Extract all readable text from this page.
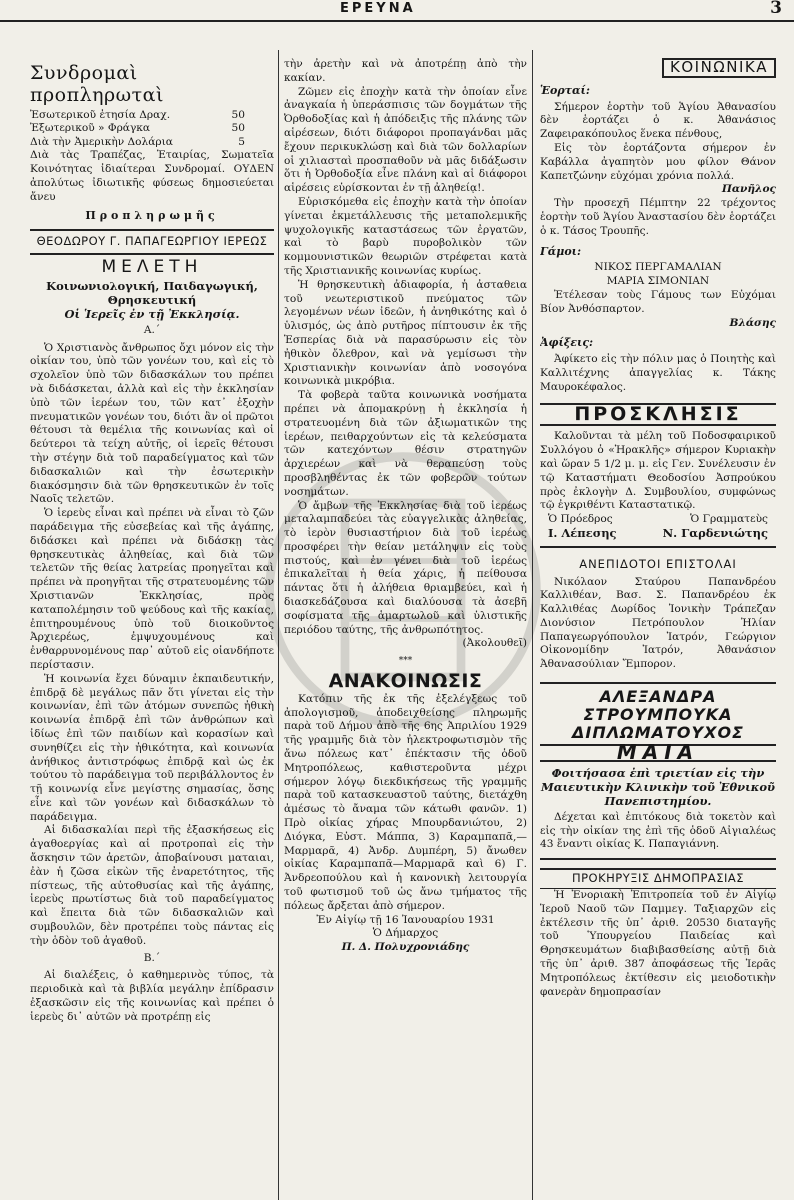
ΕΡΕΥΝΑ	3
Συνδρομαὶ προπληρωταὶ
Ἐσωτερικοῦ ἐτησία Δραχ.	50
Ἐξωτερικοῦ » Φράγκα	50
Διὰ τὴν Ἀμερικὴν Δολάρια	5

Διὰ τὰς Τραπέζας, Ἑταιρίας, Σωματεῖα Κοινότητας ἰδιαίτεραι Συνδρομαί. ΟΥΔΕΝ ἀπολύτως ἰδιωτικῆς φύσεως δημοσιεύεται ἄνευ

Προπληρωμῆς
ΘΕΟΔΩΡΟΥ Γ. ΠΑΠΑΓΕΩΡΓΙΟΥ ΙΕΡΕΩΣ
ΜΕΛΕΤΗ
Κοινωνιολογική, Παιδαγωγική, Θρησκευτική
Οἱ Ἱερεῖς ἐν τῇ Ἐκκλησίᾳ.
Α.΄

Ὁ Χριστιανὸς ἄνθρωπος ὄχι μόνον εἰς τὴν οἰκίαν του, ὑπὸ τῶν γονέων του, καὶ εἰς τὸ σχολεῖον ὑπὸ τῶν διδασκάλων του πρέπει νὰ διδάσκεται, ἀλλὰ καὶ εἰς τὴν ἐκκλησίαν ὑπὸ τῶν ἱερέων του, τῶν κατ᾽ ἐξοχὴν πνευματικῶν γονέων του, διότι ἂν οἱ πρῶτοι θέτουσι τὰ θεμέλια τῆς κοινωνίας καὶ οἱ δεύτεροι τὰ τείχη αὐτῆς, οἱ ἱερεῖς θέτουσι τὴν στέγην διὰ τοῦ παραδείγματος καὶ τῶν διδασκαλιῶν καὶ τὴν ἐσωτερικὴν διακόσμησιν διὰ τῶν θρησκευτικῶν ἐν τοῖς Ναοῖς τελετῶν.

Ὁ ἱερεὺς εἶναι καὶ πρέπει νὰ εἶναι τὸ ζῶν παράδειγμα τῆς εὐσεβείας καὶ τῆς ἀγάπης, διδάσκει καὶ πρέπει νὰ διδάσκῃ τὰς θρησκευτικὰς ἀληθείας, καὶ διὰ τῶν τελετῶν τῆς θείας λατρείας προηγεῖται καὶ πρέπει νὰ προηγῆται τῆς στρατευομένης τῶν Χριστιανῶν Ἐκκλησίας, πρὸς καταπολέμησιν τοῦ ψεύδους καὶ τῆς κακίας, ἐπιτηρουμένους ὑπὸ τοῦ διοικοῦντος Ἀρχιερέως, ἐμψυχουμένους καὶ ἐνθαρρυνομένους παρ᾽ αὐτοῦ εἰς οἱανδήποτε περίστασιν.

Ἡ κοινωνία ἔχει δύναμιν ἐκπαιδευτικήν, ἐπιδρᾷ δὲ μεγάλως πᾶν ὅτι γίνεται εἰς τὴν κοινωνίαν, ἐπὶ τῶν ἀτόμων συνεπῶς ἠθικὴ κοινωνία ἐπιδρᾷ ἐπὶ τῶν ἀνθρώπων καὶ ἰδίως ἐπὶ τῶν παιδίων καὶ κορασίων καὶ συνηθίζει εἰς τὴν ἠθικότητα, καὶ κοινωνία ἀνήθικος ἀντιστρόφως ἐπιδρᾷ καὶ ὡς ἐκ τούτου τὸ παράδειγμα τοῦ περιβάλλοντος ἐν τῇ κοινωνίᾳ εἶνε μεγίστης σημασίας, ὅσης εἶνε καὶ τῶν γονέων καὶ διδασκάλων τὸ παράδειγμα.

Αἱ διδασκαλίαι περὶ τῆς ἐξασκήσεως εἰς ἀγαθοεργίας καὶ αἱ προτροπαὶ εἰς τὴν ἄσκησιν τῶν ἀρετῶν, ἀποβαίνουσι ματαιαι, ἐὰν ἡ ζῶσα εἰκὼν τῆς ἐναρετότητος, τῆς πίστεως, τῆς αὐτοθυσίας καὶ τῆς ἀγάπης, ἱερεὺς πρωτίστως διὰ τοῦ παραδείγματος καὶ ἔπειτα διὰ τῶν διδασκαλιῶν καὶ συμβουλῶν, δὲν προτρέπει τοὺς πάντας εἰς τὴν ὁδὸν τοῦ ἀγαθοῦ.

Β.΄

Αἱ διαλέξεις, ὁ καθημερινὸς τύπος, τὰ περιοδικὰ καὶ τὰ βιβλία μεγάλην ἐπίδρασιν ἐξασκῶσιν εἰς τῆς κοινωνίας καὶ πρέπει ὁ ἱερεὺς δι᾽ αὐτῶν νὰ προτρέπῃ εἰς

τὴν ἀρετὴν καὶ νὰ ἀποτρέπῃ ἀπὸ τὴν κακίαν.

Ζῶμεν εἰς ἐποχὴν κατὰ τὴν ὁποίαν εἶνε ἀναγκαία ἡ ὑπεράσπισις τῶν δογμάτων τῆς Ὀρθοδοξίας καὶ ἡ ἀπόδειξις τῆς πλάνης τῶν αἱρέσεων, διότι διάφοροι προπαγάνδαι μᾶς ἔχουν περικυκλώσῃ καὶ διὰ τῶν δολλαρίων οἱ χιλιασταὶ προσπαθοῦν νὰ μᾶς διδάξωσιν ὅτι ἡ Ὀρθοδοξία εἶνε πλάνη καὶ αἱ διάφοροι αἱρέσεις εὑρίσκονται ἐν τῇ ἀληθείᾳ!.

Εὑρισκόμεθα εἰς ἐποχὴν κατὰ τὴν ὁποίαν γίνεται ἐκμετάλλευσις τῆς μεταπολεμικῆς ψυχολογικῆς καταστάσεως τῶν ἐργατῶν, καὶ τὸ βαρὺ πυροβολικὸν τῶν κομμουνιστικῶν θεωριῶν στρέφεται κατὰ τῆς Χριστιανικῆς κοινωνίας κυρίως.

Ἡ θρησκευτικὴ ἀδιαφορία, ἡ ἀσταθεια τοῦ νεωτεριστικοῦ πνεύματος τῶν λεγομένων νέων ἰδεῶν, ἡ ἀνηθικότης καὶ ὁ ὑλισμός, ὡς ἀπὸ ρυτῆρος πίπτουσιν ἐκ τῆς Ἑσπερίας διὰ νὰ παρασύρωσιν εἰς τὸν ἠθικὸν ὄλεθρον, καὶ νὰ γεμίσωσι τὴν Χριστιανικὴν κοινωνίαν ἀπὸ νοσογόνα κοινωνικὰ μικρόβια.

Τὰ φοβερὰ ταῦτα κοινωνικὰ νοσήματα πρέπει νὰ ἀπομακρύνῃ ἡ ἐκκλησία ἡ στρατευομένη διὰ τῶν ἀξιωματικῶν της ἱερέων, πειθαρχούντων εἰς τὰ κελεύσματα τῶν κατεχόντων θέσιν στρατηγῶν ἀρχιερέων καὶ νὰ θεραπεύσῃ τοὺς προσβληθέντας ἐκ τῶν φοβερῶν τούτων νοσημάτων.

Ὁ ἄμβων τῆς Ἐκκλησίας διὰ τοῦ ἱερέως μεταλαμπαδεύει τὰς εὐαγγελικὰς ἀληθείας, τὸ ἱερὸν θυσιαστήριον διὰ τοῦ ἱερέως προσφέρει τὴν θείαν μετάληψιν εἰς τοὺς πιστούς, καὶ ἐν γένει διὰ τοῦ ἱερέως ἐπικαλεῖται ἡ θεία χάρις, ἡ πείθουσα πάντας ὅτι ἡ ἀλήθεια θριαμβεύει, καὶ ἡ διασκεδάζουσα καὶ διαλύουσα τὰ ἀσεβῆ σοφίσματα τῆς ἁμαρτωλοῦ καὶ ὑλιστικῆς περιόδου ταύτης, τῆς ἀνθρωπότητος.

(Ἀκολουθεῖ)

***
ΑΝΑΚΟΙΝΩΣΙΣ

Κατόπιν τῆς ἐκ τῆς ἐξελέγξεως τοῦ ἀπολογισμοῦ, ἀποδειχθείσης πληρωμῆς παρὰ τοῦ Δήμου ἀπὸ τῆς 6ης Ἀπριλίου 1929 τῆς γραμμῆς διὰ τὸν ἠλεκτροφωτισμὸν τῆς ἄνω πόλεως κατ᾽ ἐπέκτασιν τῆς ὁδοῦ Μητροπόλεως, καθιστεροῦντα μέχρι σήμερον λόγῳ διεκδικήσεως τῆς γραμμῆς παρὰ τοῦ κατασκευαστοῦ ταύτης, διετάχθη ἀμέσως τὸ ἄναμα τῶν κάτωθι φανῶν. 1) Πρὸ οἰκίας χήρας Μπουρδανιώτου, 2) Διόγκα, Εὐστ. Μάππα, 3) Καραμπαπᾶ,—Μαρμαρᾶ, 4) Ἀνδρ. Δυμπέρη, 5) ἄνωθεν οἰκίας Καραμπαπᾶ—Μαρμαρᾶ καὶ 6) Γ. Ἀνδρεοπούλου καὶ ἡ κανονικὴ λειτουργία τοῦ φωτισμοῦ τοῦ ὡς ἄνω τμήματος τῆς πόλεως ἄρξεται ἀπὸ σήμερον.

Ἐν Αἰγίῳ τῇ 16 Ἰανουαρίου 1931

Ὁ Δήμαρχος

Π. Δ. Πολυχρονιάδης

ΚΟΙΝΩΝΙΚΑ
Ἑορταί:

Σήμερον ἑορτὴν τοῦ Ἁγίου Ἀθανασίου δὲν ἑορτάζει ὁ κ. Ἀθανάσιος Ζαφειρακόπουλος ἕνεκα πένθους,

Εἰς τὸν ἑορτάζοντα σήμερον ἐν Καβάλλα ἀγαπητὸν μου φίλον Θάνον Καπετζώνην εὐχόμαι χρόνια πολλά.

Πανῆλος

Τὴν προσεχῆ Πέμπτην 22 τρέχοντος ἑορτὴν τοῦ Ἁγίου Ἀναστασίου δὲν ἑορτάζει ὁ κ. Τάσος Τρουπῆς.

Γάμοι:

ΝΙΚΟΣ ΠΕΡΓΑΜΑΛΙΑΝ

ΜΑΡΙΑ ΣΙΜΟΝΙΑΝ

Ἐτέλεσαν τοὺς Γάμους των Εὐχόμαι Βίον Ἀνθόσπαρτον.

Βλάσης

Ἀφίξεις:

Ἀφίκετο εἰς τὴν πόλιν μας ὁ Ποιητὴς καὶ Καλλιτέχνης ἀπαγγελίας κ. Τάκης Μαυροκέφαλος.

ΠΡΟΣΚΛΗΣΙΣ

Καλοῦνται τὰ μέλη τοῦ Ποδοσφαιρικοῦ Συλλόγου ὁ «Ἡρακλῆς» σήμερον Κυριακὴν καὶ ὥραν 5 1/2 μ. μ. εἰς Γεν. Συνέλευσιν ἐν τῷ Καταστήματι Θεοδοσίου Ἀσπρούκου πρὸς ἐκλογὴν Δ. Συμβουλίου, συμφώνως τῷ ἐγκριθέντι Καταστατικῷ.

Ὁ Πρόεδρος	Ὁ Γραμματεὺς
Ι. Λέπεσης	Ν. Γαρδενιώτης
ΑΝΕΠΙΔΟΤΟΙ ΕΠΙΣΤΟΛΑΙ

Νικόλαον Σταύρου Παπανδρέου Καλλιθέαν, Βασ. Σ. Παπανδρέου ἐκ Καλλιθέας Δωρίδος Ἰονικὴν Τράπεζαν Διονύσιον Πετρόπουλον Ἠλίαν Παπαγεωργόπουλον Ἰατρόν, Γεώργιον Οἰκονομίδην Ἰατρόν, Ἀθανάσιον Ἀθανασούλιαν Ἔμπορον.

ΑΛΕΞΑΝΔΡΑ ΣΤΡΟΥΜΠΟΥΚΑ
ΔΙΠΛΩΜΑΤΟΥΧΟΣ
ΜΑΙΑ
Φοιτήσασα ἐπὶ τριετίαν εἰς τὴν Μαιευτικὴν Κλινικὴν τοῦ Ἐθνικοῦ Πανεπιστημίου.

Δέχεται καὶ ἐπιτόκους διὰ τοκετὸν καὶ εἰς τὴν οἰκίαν της ἐπὶ τῆς ὁδοῦ Αἰγιαλέως 43 ἔναντι οἰκίας Κ. Παπαγιάννη.

ΠΡΟΚΗΡΥΞΙΣ ΔΗΜΟΠΡΑΣΙΑΣ

Ἡ Ἐνοριακὴ Ἐπιτροπεία τοῦ ἐν Αἰγίῳ Ἱεροῦ Ναοῦ τῶν Παμμεγ. Ταξιαρχῶν εἰς ἐκτέλεσιν τῆς ὑπ᾽ ἀριθ. 20530 διαταγῆς τοῦ Ὑπουργείου Παιδείας καὶ Θρησκευμάτων διαβιβασθείσης αὐτῇ διὰ τῆς ὑπ᾽ ἀριθ. 387 ἀποφάσεως τῆς Ἱερᾶς Μητροπόλεως ἐκτίθεσιν εἰς μειοδοτικὴν φανερὰν δημοπρασίαν
